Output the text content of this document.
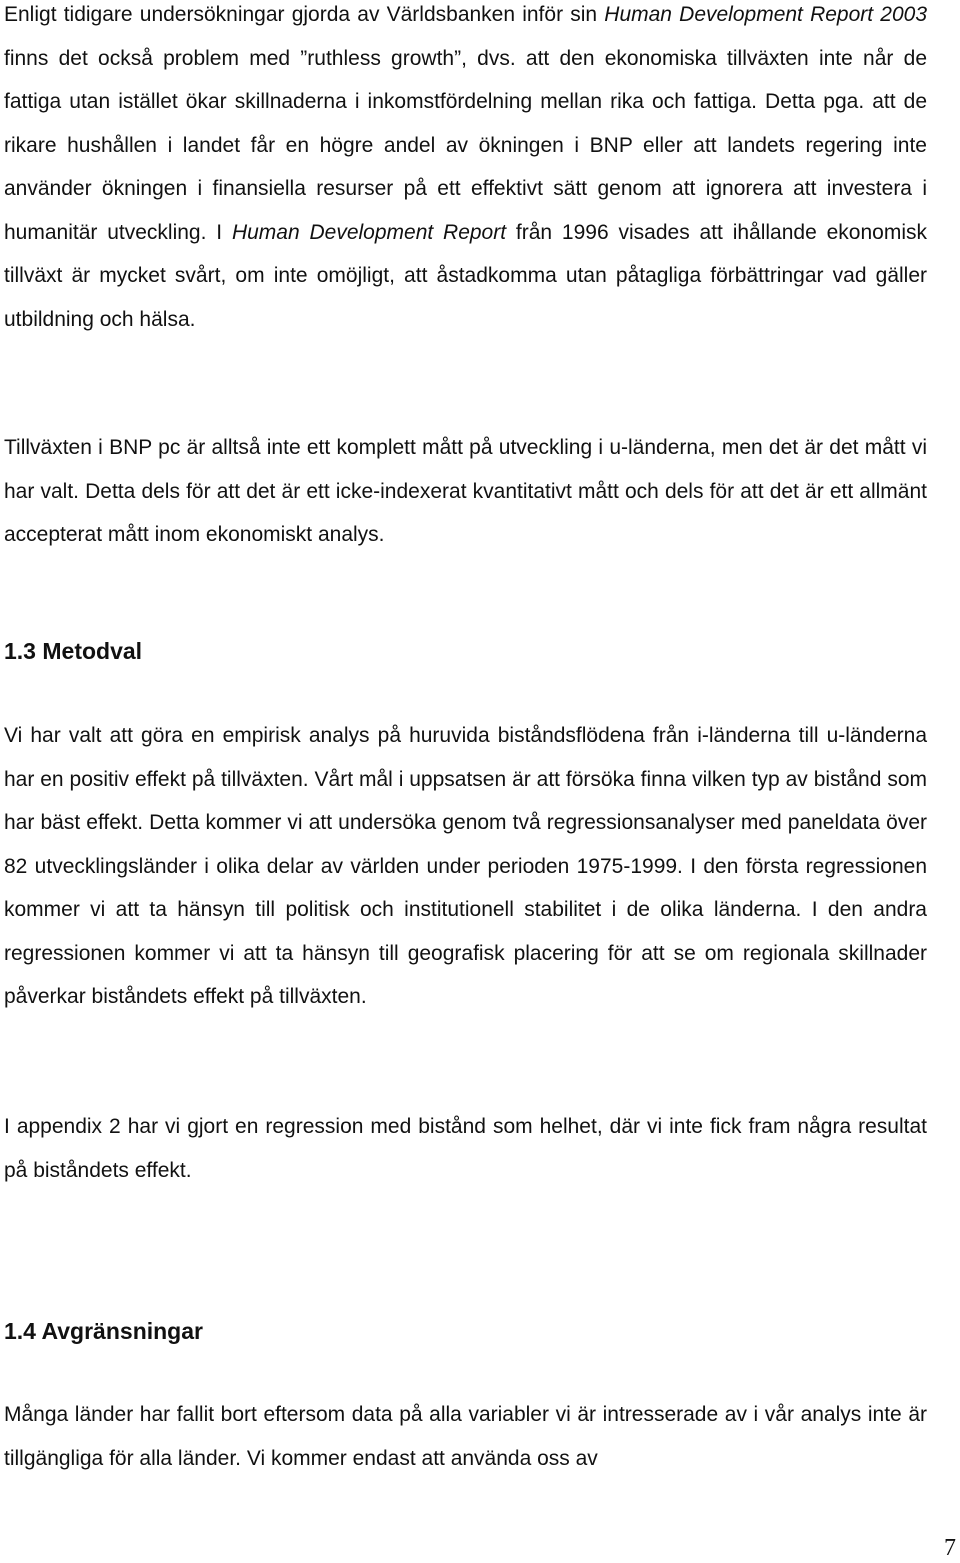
Enligt tidigare undersökningar gjorda av Världsbanken inför sin Human Development Report 2003 finns det också problem med ”ruthless growth”, dvs. att den ekonomiska tillväxten inte når de fattiga utan istället ökar skillnaderna i inkomstfördelning mellan rika och fattiga. Detta pga. att de rikare hushållen i landet får en högre andel av ökningen i BNP eller att landets regering inte använder ökningen i finansiella resurser på ett effektivt sätt genom att ignorera att investera i humanitär utveckling. I Human Development Report från 1996 visades att ihållande ekonomisk tillväxt är mycket svårt, om inte omöjligt, att åstadkomma utan påtagliga förbättringar vad gäller utbildning och hälsa.

Tillväxten i BNP pc är alltså inte ett komplett mått på utveckling i u-länderna, men det är det mått vi har valt. Detta dels för att det är ett icke-indexerat kvantitativt mått och dels för att det är ett allmänt accepterat mått inom ekonomiskt analys.

1.3 Metodval

Vi har valt att göra en empirisk analys på huruvida biståndsflödena från i-länderna till u-länderna har en positiv effekt på tillväxten. Vårt mål i uppsatsen är att försöka finna vilken typ av bistånd som har bäst effekt. Detta kommer vi att undersöka genom två regressionsanalyser med paneldata över 82 utvecklingsländer i olika delar av världen under perioden 1975-1999. I den första regressionen kommer vi att ta hänsyn till politisk och institutionell stabilitet i de olika länderna. I den andra regressionen kommer vi att ta hänsyn till geografisk placering för att se om regionala skillnader påverkar biståndets effekt på tillväxten.

I appendix 2 har vi gjort en regression med bistånd som helhet, där vi inte fick fram några resultat på biståndets effekt.

1.4 Avgränsningar

Många länder har fallit bort eftersom data på alla variabler vi är intresserade av i vår analys inte är tillgängliga för alla länder. Vi kommer endast att använda oss av

7
